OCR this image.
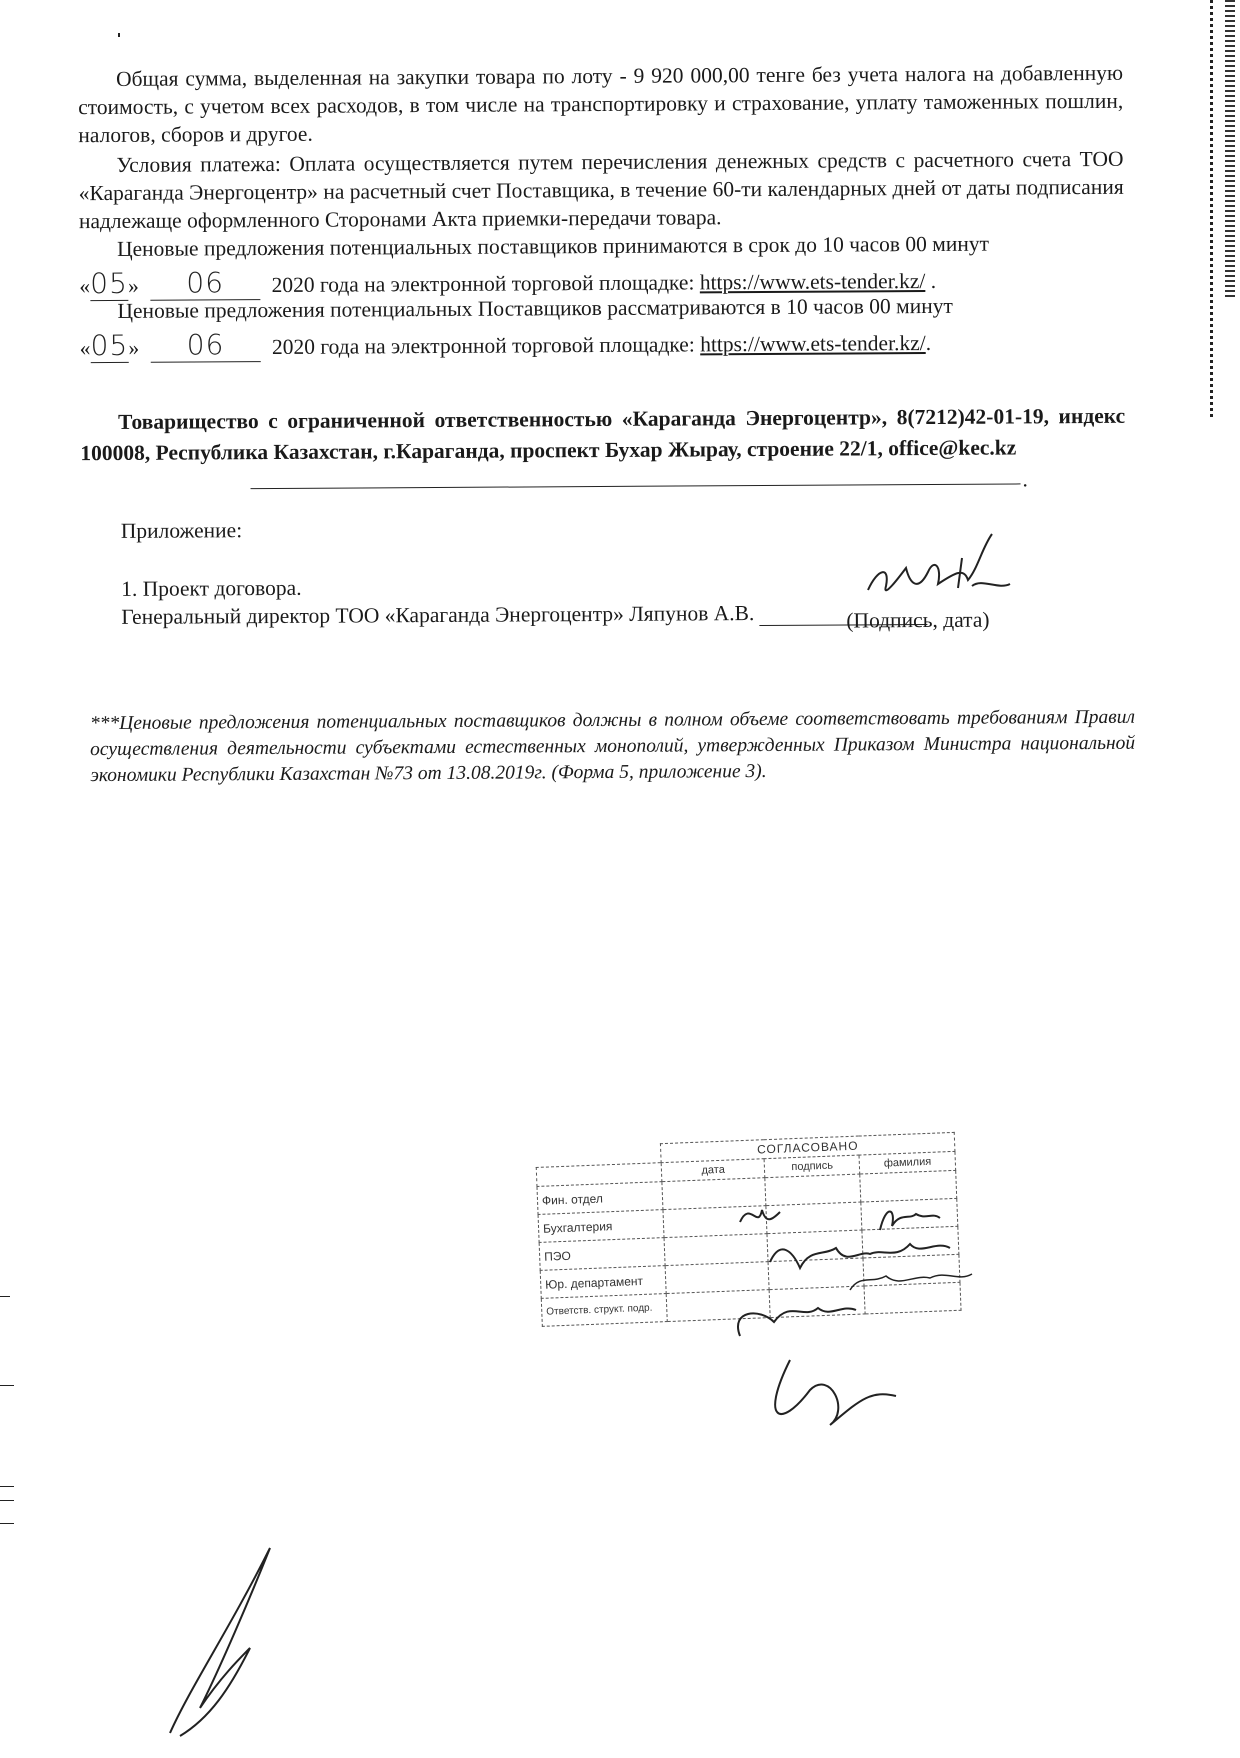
Общая сумма, выделенная на закупки товара по лоту - 9 920 000,00 тенге без учета налога на добавленную стоимость, с учетом всех расходов, в том числе на транспортировку и страхование, уплату таможенных пошлин, налогов, сборов и другое.
Условия платежа: Оплата осуществляется путем перечисления денежных средств с расчетного счета ТОО «Караганда Энергоцентр» на расчетный счет Поставщика, в течение 60-ти календарных дней от даты подписания надлежаще оформленного Сторонами Акта приемки-передачи товара.
Ценовые предложения потенциальных поставщиков принимаются в срок до 10 часов 00 минут
«05» 06 2020 года на электронной торговой площадке: https://www.ets-tender.kz/ .
Ценовые предложения потенциальных Поставщиков рассматриваются в 10 часов 00 минут
«05» 06 2020 года на электронной торговой площадке: https://www.ets-tender.kz/.
Товарищество с ограниченной ответственностью «Караганда Энергоцентр», 8(7212)42-01-19, индекс 100008, Республика Казахстан, г.Караганда, проспект Бухар Жырау, строение 22/1, office@kec.kz
.
Приложение:
1. Проект договора.
Генеральный директор ТОО «Караганда Энергоцентр» Ляпунов А.В.	(Подпись, дата)
***Ценовые предложения потенциальных поставщиков должны в полном объеме соответствовать требованиям Правил осуществления деятельности субъектами естественных монополий, утвержденных Приказом Министра национальной экономики Республики Казахстан №73 от 13.08.2019г. (Форма 5, приложение 3).
	СОГЛАСОВАНО		
	дата	подпись	фамилия
Фин. отдел			
Бухгалтерия			
ПЭО			
Юр. департамент			
Ответств. структ. подр.			
